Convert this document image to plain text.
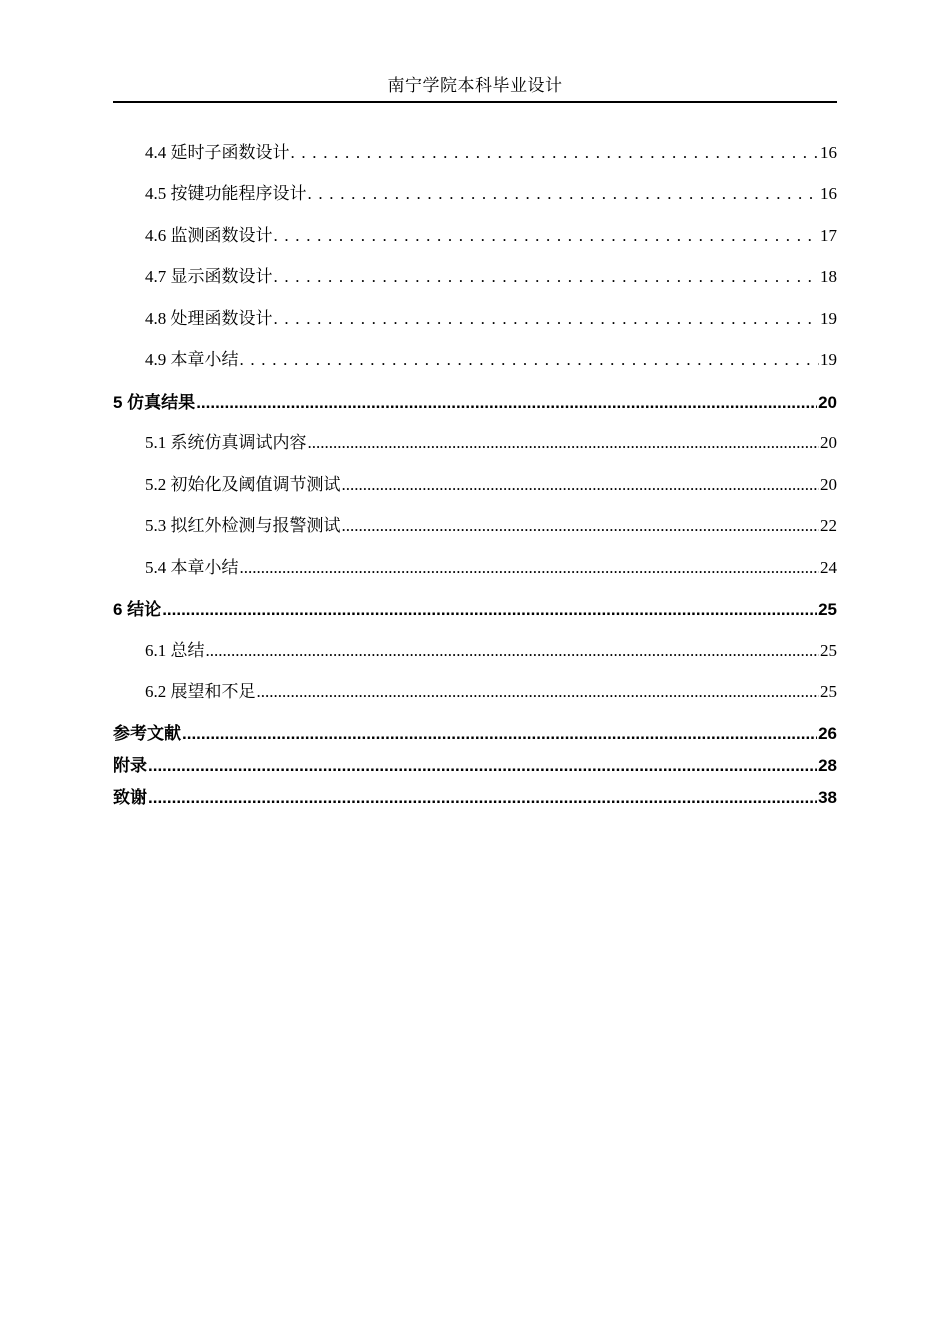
南宁学院本科毕业设计
4.4 延时子函数设计 . . .	16
4.5 按键功能程序设计 . . .	16
4.6 监测函数设计 . . .	17
4.7 显示函数设计 . . .	18
4.8 处理函数设计 . . .	19
4.9 本章小结 . . .	19
5 仿真结果 .....	20
5.1 系统仿真调试内容 .....	20
5.2 初始化及阈值调节测试 .....	20
5.3 拟红外检测与报警测试 .....	22
5.4 本章小结 .....	24
6 结论 .....	25
6.1 总结 .....	25
6.2 展望和不足 .....	25
参考文献 .....	26
附录 .....	28
致谢 .....	38
